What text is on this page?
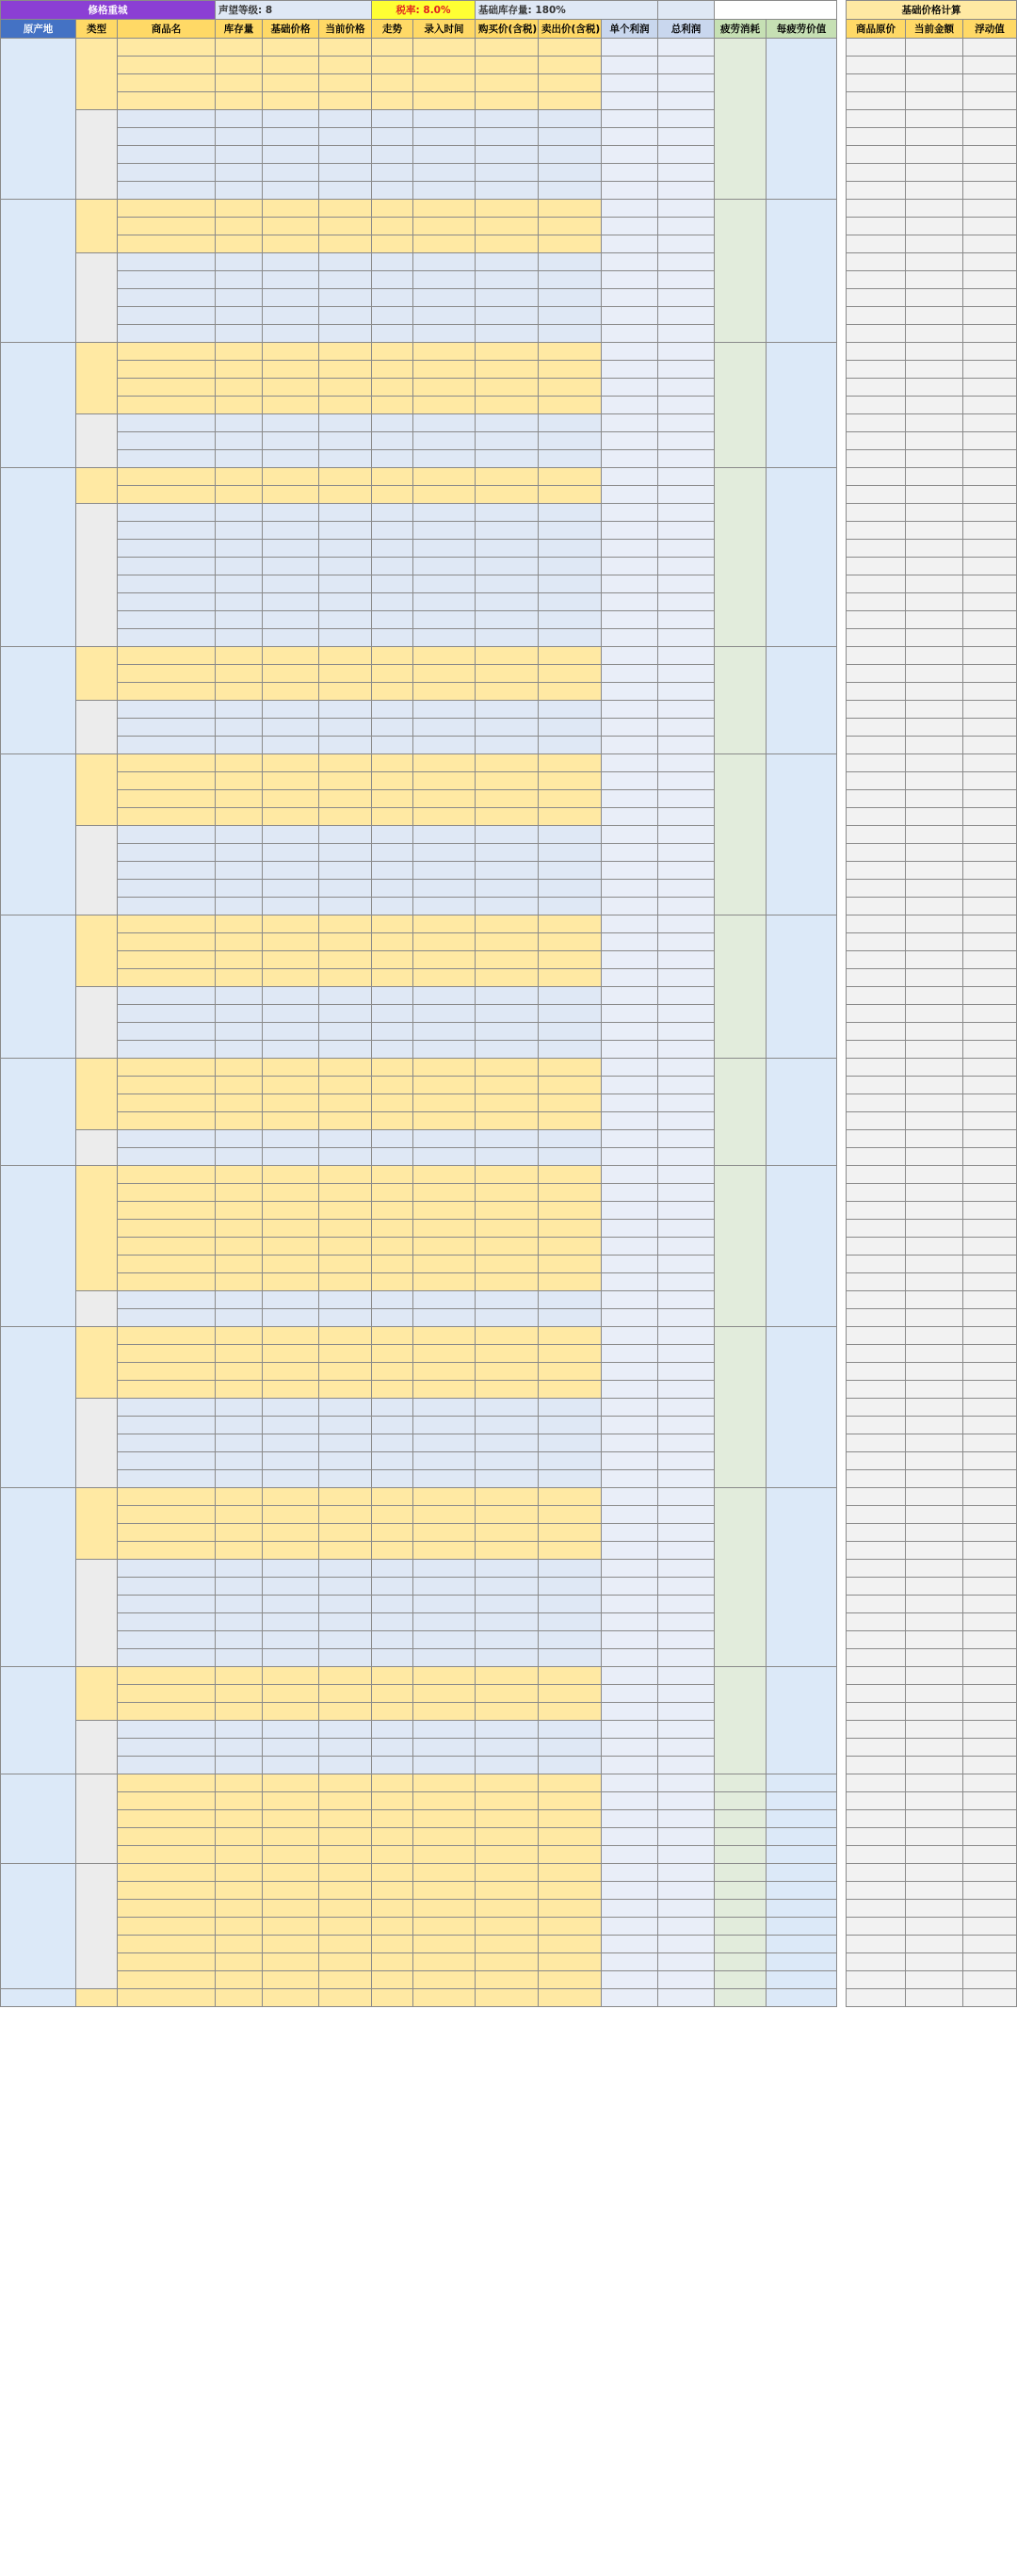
修格重城			声望等级: 8			税率: 8.0%		基础库存量: 180%							基础价格计算		
原产地	类型	商品名	库存量	基础价格	当前价格	走势	录入时间	购买价(含税)	卖出价(含税)	单个利润	总利润	疲劳消耗	每疲劳价值		商品原价	当前金额	浮动值
